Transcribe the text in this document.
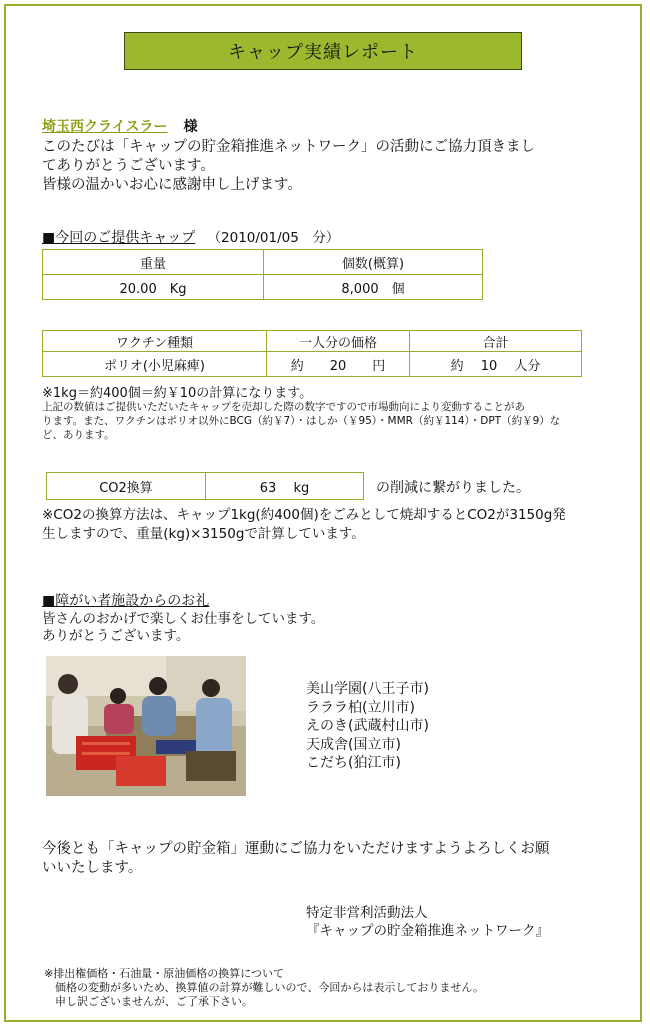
キャップ実績レポート
埼玉西クライスラー 様
このたびは「キャップの貯金箱推進ネットワーク」の活動にご協力頂きまし
てありがとうございます。
皆様の温かいお心に感謝申し上げます。
■今回のご提供キャップ （2010/01/05　分）
重量	個数(概算)
20.00　Kg	8,000　個
ワクチン種類	一人分の価格	合計
ポリオ(小児麻痺)	約　　20　　円	約　 10　 人分
※1kg＝約400個＝約￥10の計算になります。
上記の数値はご提供いただいたキャップを売却した際の数字ですので市場動向により変動することがあ
ります。また、ワクチンはポリオ以外にBCG（約￥7）・はしか（￥95）・MMR（約￥114）・DPT（約￥9）な
ど、あります。
CO2換算	63　 kg	の削減に繋がりました。
※CO2の換算方法は、キャップ1kg(約400個)をごみとして焼却するとCO2が3150g発
生しますので、重量(kg)×3150gで計算しています。
■障がい者施設からのお礼
皆さんのおかげで楽しくお仕事をしています。
ありがとうございます。
美山学園(八王子市)
ラララ柏(立川市)
えのき(武蔵村山市)
天成舎(国立市)
こだち(狛江市)
今後とも「キャップの貯金箱」運動にご協力をいただけますようよろしくお願
いいたします。
特定非営利活動法人
『キャップの貯金箱推進ネットワーク』
※排出権価格・石油量・原油価格の換算について
　価格の変動が多いため、換算値の計算が難しいので、今回からは表示しておりません。
　申し訳ございませんが、ご了承下さい。
